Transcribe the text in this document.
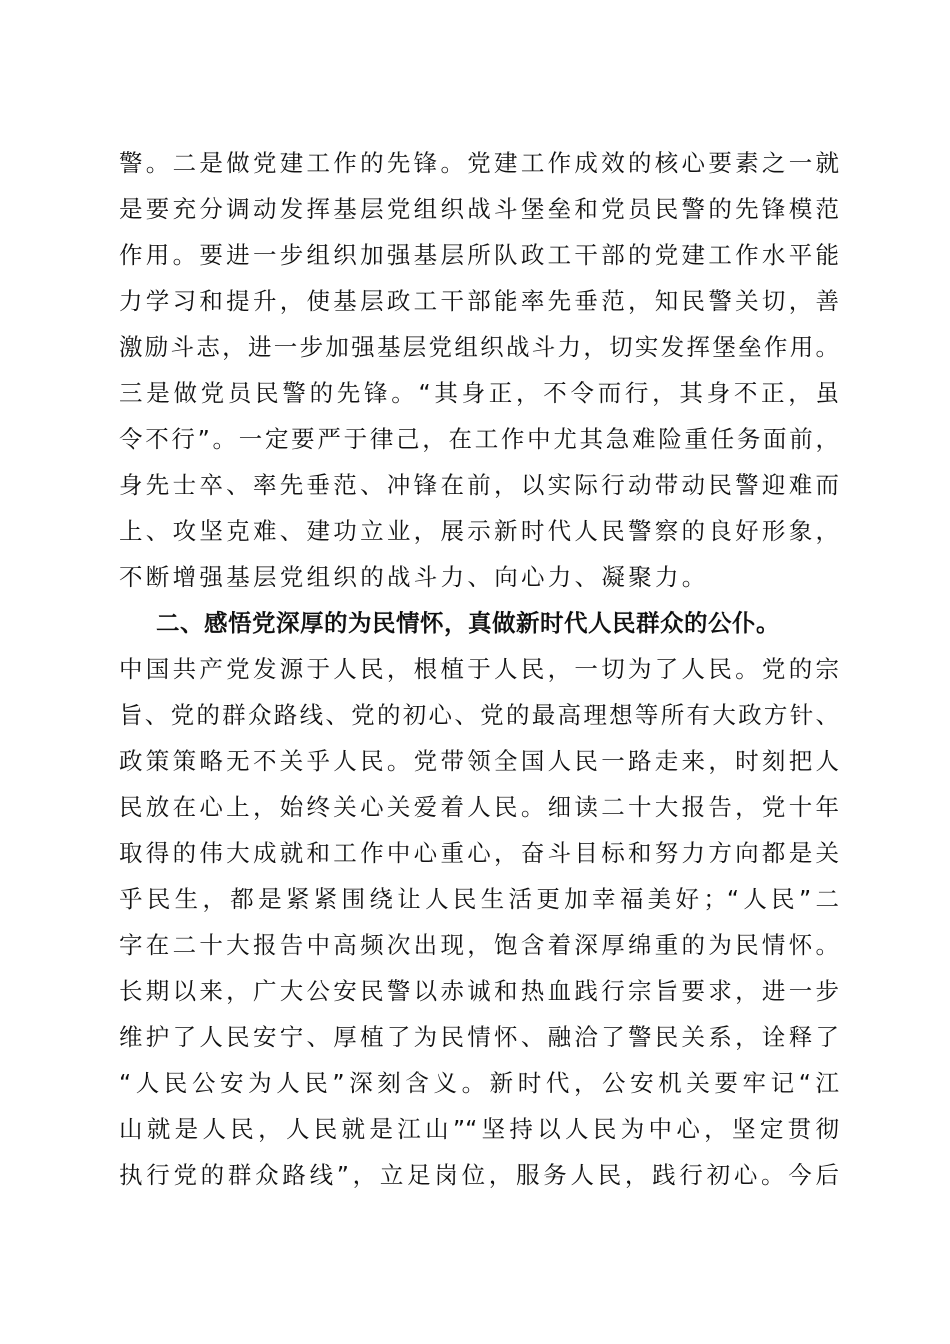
警。二是做党建工作的先锋。党建工作成效的核心要素之一就
是要充分调动发挥基层党组织战斗堡垒和党员民警的先锋模范
作用。要进一步组织加强基层所队政工干部的党建工作水平能
力学习和提升，使基层政工干部能率先垂范，知民警关切，善
激励斗志，进一步加强基层党组织战斗力，切实发挥堡垒作用。
三是做党员民警的先锋。“其身正，不令而行，其身不正，虽
令不行”。一定要严于律己，在工作中尤其急难险重任务面前，
身先士卒、率先垂范、冲锋在前，以实际行动带动民警迎难而
上、攻坚克难、建功立业，展示新时代人民警察的良好形象，
不断增强基层党组织的战斗力、向心力、凝聚力。
二、感悟党深厚的为民情怀，真做新时代人民群众的公仆。
中国共产党发源于人民，根植于人民，一切为了人民。党的宗
旨、党的群众路线、党的初心、党的最高理想等所有大政方针、
政策策略无不关乎人民。党带领全国人民一路走来，时刻把人
民放在心上，始终关心关爱着人民。细读二十大报告，党十年
取得的伟大成就和工作中心重心，奋斗目标和努力方向都是关
乎民生，都是紧紧围绕让人民生活更加幸福美好；“人民”二
字在二十大报告中高频次出现，饱含着深厚绵重的为民情怀。
长期以来，广大公安民警以赤诚和热血践行宗旨要求，进一步
维护了人民安宁、厚植了为民情怀、融洽了警民关系，诠释了
“人民公安为人民”深刻含义。新时代，公安机关要牢记“江
山就是人民，人民就是江山”“坚持以人民为中心，坚定贯彻
执行党的群众路线”，立足岗位，服务人民，践行初心。今后
